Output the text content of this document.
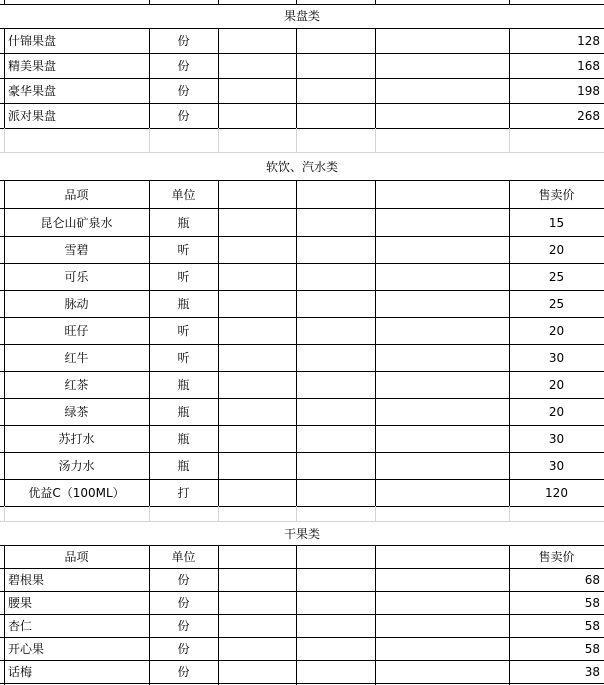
果盘类
什锦果盘	份	128
精美果盘	份	168
豪华果盘	份	198
派对果盘	份	268
软饮、汽水类
品项	单位	售卖价
昆仑山矿泉水	瓶	15
雪碧	听	20
可乐	听	25
脉动	瓶	25
旺仔	听	20
红牛	听	30
红茶	瓶	20
绿茶	瓶	20
苏打水	瓶	30
汤力水	瓶	30
优益C（100ML）	打	120
干果类
品项	单位	售卖价
碧根果	份	68
腰果	份	58
杏仁	份	58
开心果	份	58
话梅	份	38
